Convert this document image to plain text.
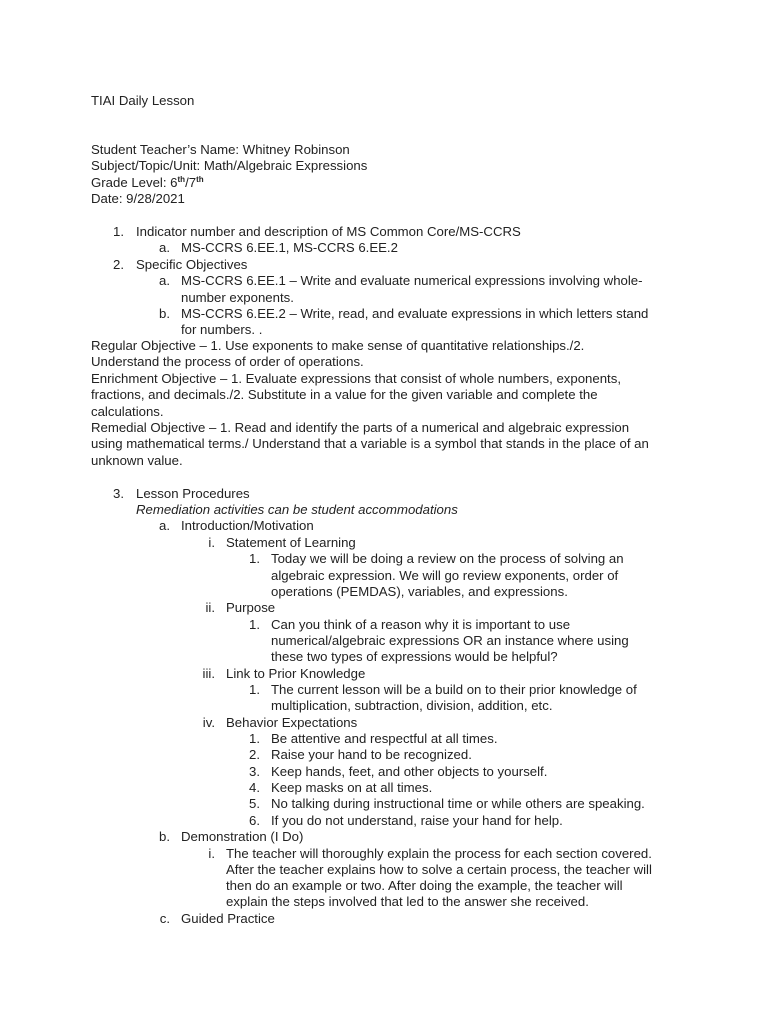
TIAI Daily Lesson
Student Teacher’s Name: Whitney Robinson
Subject/Topic/Unit: Math/Algebraic Expressions
Grade Level: 6th/7th
Date: 9/28/2021
1. Indicator number and description of MS Common Core/MS-CCRS
a. MS-CCRS 6.EE.1, MS-CCRS 6.EE.2
2. Specific Objectives
a. MS-CCRS 6.EE.1 – Write and evaluate numerical expressions involving whole-
number exponents.
b. MS-CCRS 6.EE.2 – Write, read, and evaluate expressions in which letters stand
for numbers. .
Regular Objective – 1. Use exponents to make sense of quantitative relationships./2.
Understand the process of order of operations.
Enrichment Objective – 1. Evaluate expressions that consist of whole numbers, exponents,
fractions, and decimals./2. Substitute in a value for the given variable and complete the
calculations.
Remedial Objective – 1. Read and identify the parts of a numerical and algebraic expression
using mathematical terms./ Understand that a variable is a symbol that stands in the place of an
unknown value.
3. Lesson Procedures
Remediation activities can be student accommodations
a. Introduction/Motivation
i. Statement of Learning
1. Today we will be doing a review on the process of solving an
algebraic expression. We will go review exponents, order of
operations (PEMDAS), variables, and expressions.
ii. Purpose
1. Can you think of a reason why it is important to use
numerical/algebraic expressions OR an instance where using
these two types of expressions would be helpful?
iii. Link to Prior Knowledge
1. The current lesson will be a build on to their prior knowledge of
multiplication, subtraction, division, addition, etc.
iv. Behavior Expectations
1. Be attentive and respectful at all times.
2. Raise your hand to be recognized.
3. Keep hands, feet, and other objects to yourself.
4. Keep masks on at all times.
5. No talking during instructional time or while others are speaking.
6. If you do not understand, raise your hand for help.
b. Demonstration (I Do)
i. The teacher will thoroughly explain the process for each section covered.
After the teacher explains how to solve a certain process, the teacher will
then do an example or two. After doing the example, the teacher will
explain the steps involved that led to the answer she received.
c. Guided Practice
